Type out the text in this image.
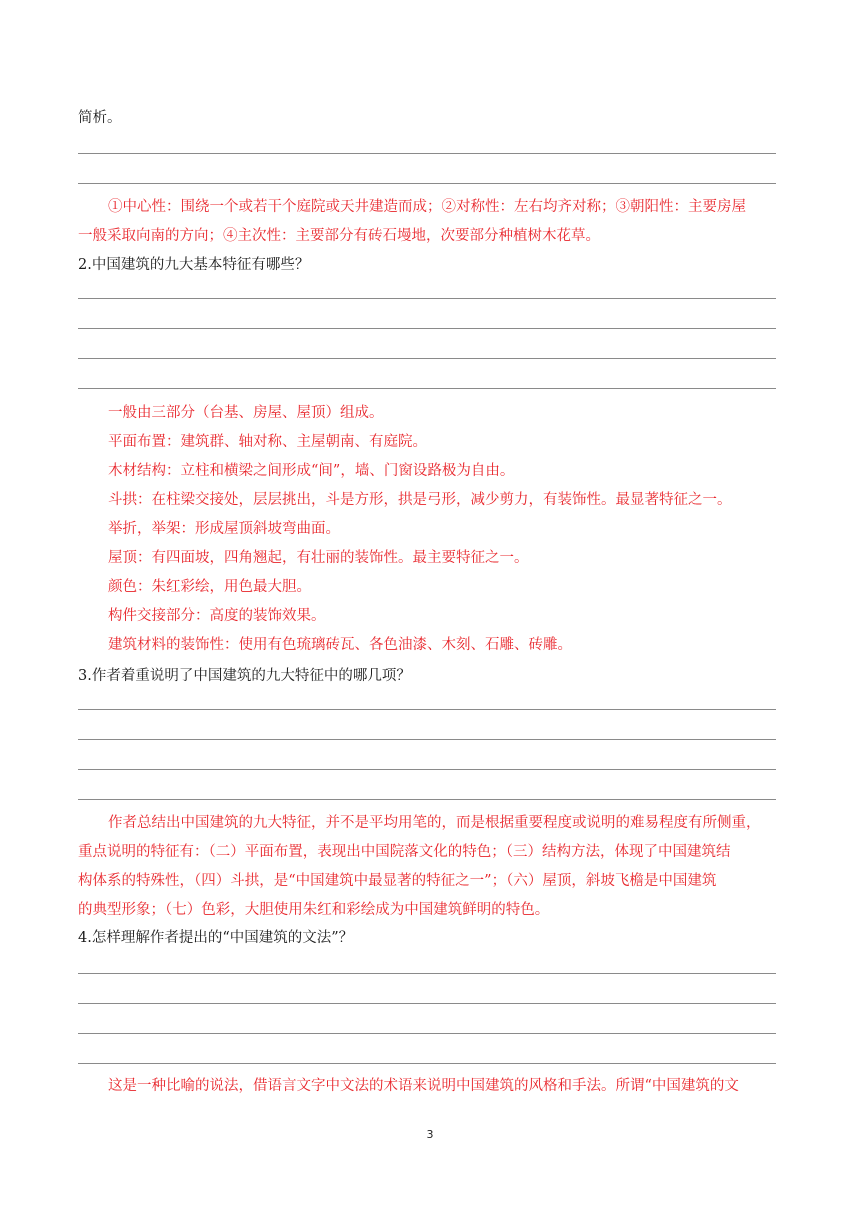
简析。
①中心性：围绕一个或若干个庭院或天井建造而成；②对称性：左右均齐对称；③朝阳性：主要房屋
一般采取向南的方向；④主次性：主要部分有砖石墁地，次要部分种植树木花草。
2.中国建筑的九大基本特征有哪些？
一般由三部分（台基、房屋、屋顶）组成。
平面布置：建筑群、轴对称、主屋朝南、有庭院。
木材结构：立柱和横梁之间形成“间”，墙、门窗设路极为自由。
斗拱：在柱梁交接处，层层挑出，斗是方形，拱是弓形，减少剪力，有装饰性。最显著特征之一。
举折，举架：形成屋顶斜坡弯曲面。
屋顶：有四面坡，四角翘起，有壮丽的装饰性。最主要特征之一。
颜色：朱红彩绘，用色最大胆。
构件交接部分：高度的装饰效果。
建筑材料的装饰性：使用有色琉璃砖瓦、各色油漆、木刻、石雕、砖雕。
3.作者着重说明了中国建筑的九大特征中的哪几项？
作者总结出中国建筑的九大特征，并不是平均用笔的，而是根据重要程度或说明的难易程度有所侧重，
重点说明的特征有：（二）平面布置，表现出中国院落文化的特色；（三）结构方法，体现了中国建筑结
构体系的特殊性，（四）斗拱，是“中国建筑中最显著的特征之一”；（六）屋顶，斜坡飞檐是中国建筑
的典型形象；（七）色彩，大胆使用朱红和彩绘成为中国建筑鲜明的特色。
4.怎样理解作者提出的“中国建筑的文法”？
这是一种比喻的说法，借语言文字中文法的术语来说明中国建筑的风格和手法。所谓“中国建筑的文
3
